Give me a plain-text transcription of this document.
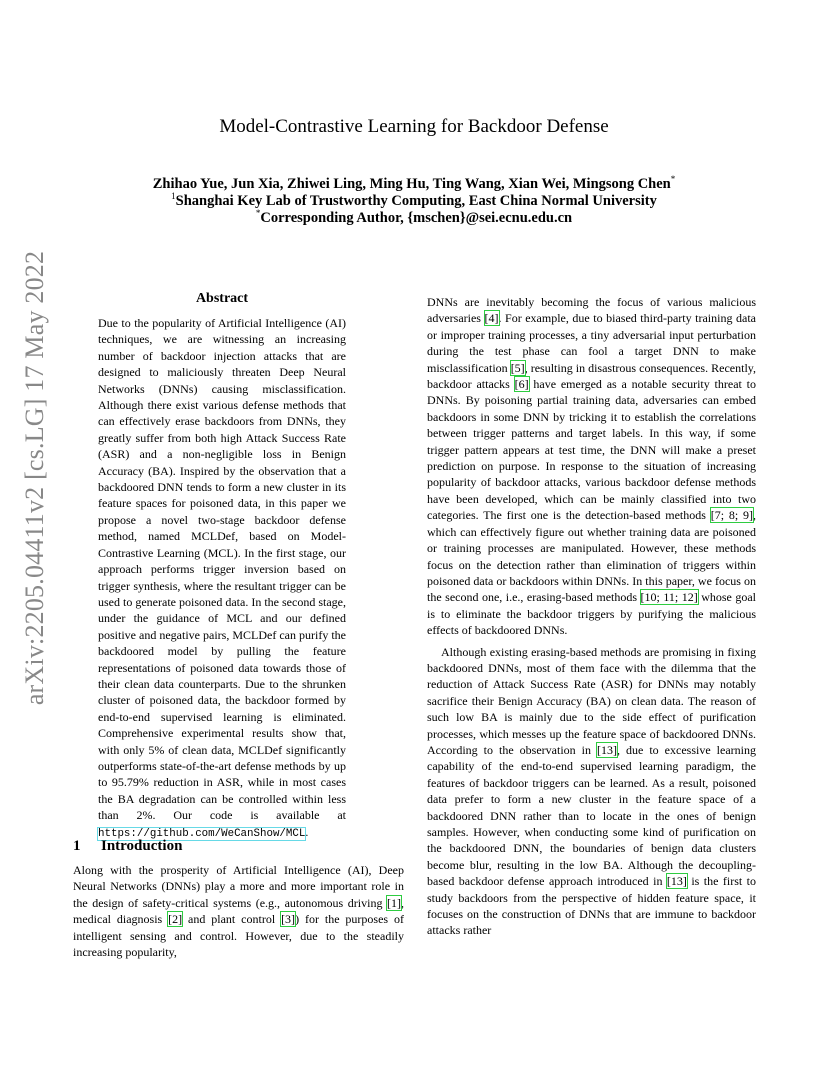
arXiv:2205.04411v2 [cs.LG] 17 May 2022
Model-Contrastive Learning for Backdoor Defense
Zhihao Yue, Jun Xia, Zhiwei Ling, Ming Hu, Ting Wang, Xian Wei, Mingsong Chen*
$^1$Shanghai Key Lab of Trustworthy Computing, East China Normal University
*Corresponding Author, {mschen}@sei.ecnu.edu.cn
Abstract

Due to the popularity of Artificial Intelligence (AI) techniques, we are witnessing an increasing number of backdoor injection attacks that are designed to maliciously threaten Deep Neural Networks (DNNs) causing misclassification. Although there exist various defense methods that can effectively erase backdoors from DNNs, they greatly suffer from both high Attack Success Rate (ASR) and a non-negligible loss in Benign Accuracy (BA). Inspired by the observation that a backdoored DNN tends to form a new cluster in its feature spaces for poisoned data, in this paper we propose a novel two-stage backdoor defense method, named MCLDef, based on Model-Contrastive Learning (MCL). In the first stage, our approach performs trigger inversion based on trigger synthesis, where the resultant trigger can be used to generate poisoned data. In the second stage, under the guidance of MCL and our defined positive and negative pairs, MCLDef can purify the backdoored model by pulling the feature representations of poisoned data towards those of their clean data counterparts. Due to the shrunken cluster of poisoned data, the backdoor formed by end-to-end supervised learning is eliminated. Comprehensive experimental results show that, with only 5% of clean data, MCLDef significantly outperforms state-of-the-art defense methods by up to 95.79% reduction in ASR, while in most cases the BA degradation can be controlled within less than 2%. Our code is available at https://github.com/WeCanShow/MCL.

1 Introduction

Along with the prosperity of Artificial Intelligence (AI), Deep Neural Networks (DNNs) play a more and more important role in the design of safety-critical systems (e.g., autonomous driving [1], medical diagnosis [2] and plant control [3]) for the purposes of intelligent sensing and control. However, due to the steadily increasing popularity,

DNNs are inevitably becoming the focus of various malicious adversaries [4]. For example, due to biased third-party training data or improper training processes, a tiny adversarial input perturbation during the test phase can fool a target DNN to make misclassification [5], resulting in disastrous consequences. Recently, backdoor attacks [6] have emerged as a notable security threat to DNNs. By poisoning partial training data, adversaries can embed backdoors in some DNN by tricking it to establish the correlations between trigger patterns and target labels. In this way, if some trigger pattern appears at test time, the DNN will make a preset prediction on purpose. In response to the situation of increasing popularity of backdoor attacks, various backdoor defense methods have been developed, which can be mainly classified into two categories. The first one is the detection-based methods [7; 8; 9], which can effectively figure out whether training data are poisoned or training processes are manipulated. However, these methods focus on the detection rather than elimination of triggers within poisoned data or backdoors within DNNs. In this paper, we focus on the second one, i.e., erasing-based methods [10; 11; 12] whose goal is to eliminate the backdoor triggers by purifying the malicious effects of backdoored DNNs.

Although existing erasing-based methods are promising in fixing backdoored DNNs, most of them face with the dilemma that the reduction of Attack Success Rate (ASR) for DNNs may notably sacrifice their Benign Accuracy (BA) on clean data. The reason of such low BA is mainly due to the side effect of purification processes, which messes up the feature space of backdoored DNNs. According to the observation in [13], due to excessive learning capability of the end-to-end supervised learning paradigm, the features of backdoor triggers can be learned. As a result, poisoned data prefer to form a new cluster in the feature space of a backdoored DNN rather than to locate in the ones of benign samples. However, when conducting some kind of purification on the backdoored DNN, the boundaries of benign data clusters become blur, resulting in the low BA. Although the decoupling-based backdoor defense approach introduced in [13] is the first to study backdoors from the perspective of hidden feature space, it focuses on the construction of DNNs that are immune to backdoor attacks rather
